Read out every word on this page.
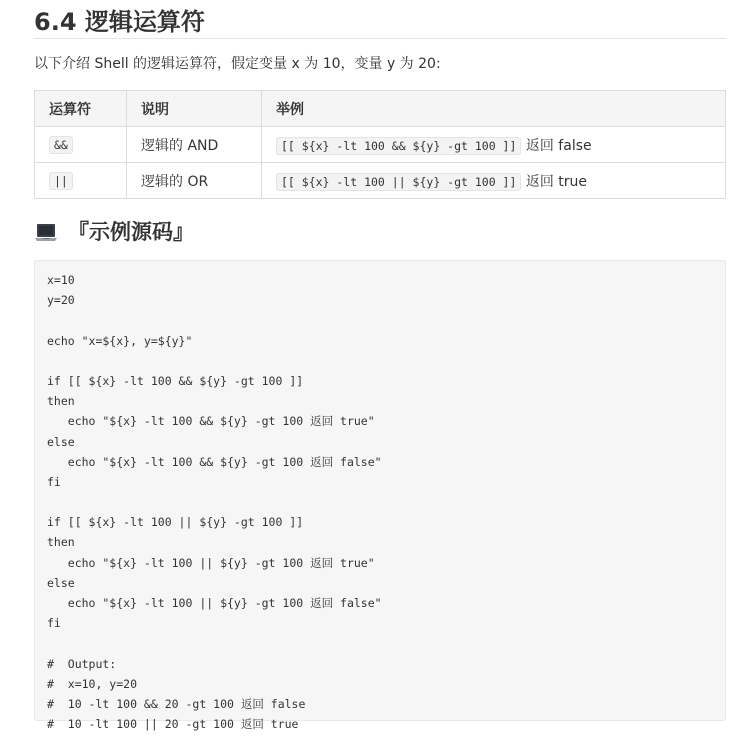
6.4 逻辑运算符
以下介绍 Shell 的逻辑运算符，假定变量 x 为 10，变量 y 为 20:
运算符	说明	举例
&&	逻辑的 AND	[[ ${x} -lt 100 && ${y} -gt 100 ]] 返回 false
||	逻辑的 OR	[[ ${x} -lt 100 || ${y} -gt 100 ]] 返回 true
『示例源码』
x=10
y=20
echo "x=${x}, y=${y}"
if [[ ${x} -lt 100 && ${y} -gt 100 ]]
then
echo "${x} -lt 100 && ${y} -gt 100 返回 true"
else
echo "${x} -lt 100 && ${y} -gt 100 返回 false"
fi
if [[ ${x} -lt 100 || ${y} -gt 100 ]]
then
echo "${x} -lt 100 || ${y} -gt 100 返回 true"
else
echo "${x} -lt 100 || ${y} -gt 100 返回 false"
fi
#  Output:
#  x=10, y=20
#  10 -lt 100 && 20 -gt 100 返回 false
#  10 -lt 100 || 20 -gt 100 返回 true
